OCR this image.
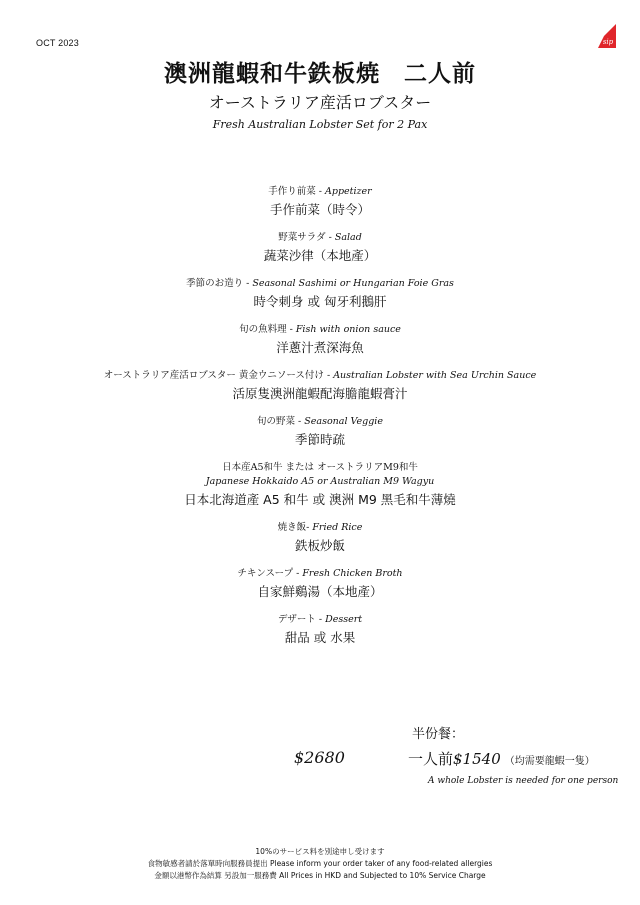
OCT 2023	sip
澳洲龍蝦和牛鉄板焼　二人前
オーストラリア産活ロブスター
Fresh Australian Lobster Set for 2 Pax
手作り前菜 - Appetizer
手作前菜（時令）
野菜サラダ - Salad
蔬菜沙律（本地產）
季節のお造り - Seasonal Sashimi or Hungarian Foie Gras
時令刺身 或 匈牙利鵝肝
旬の魚料理 - Fish with onion sauce
洋蔥汁煮深海魚
オーストラリア産活ロブスター 黄金ウニソース付け - Australian Lobster with Sea Urchin Sauce
活原隻澳洲龍蝦配海膽龍蝦膏汁
旬の野菜 - Seasonal Veggie
季節時疏
日本産A5和牛 または オーストラリアM9和牛
Japanese Hokkaido A5 or Australian M9 Wagyu
日本北海道產 A5 和牛 或 澳洲 M9 黑毛和牛薄燒
焼き飯- Fried Rice
鉄板炒飯
チキンスープ - Fresh Chicken Broth
自家鮮鷄湯（本地產）
デザート - Dessert
甜品 或 水果
半份餐：
$2680	一人前$1540 （均需要龍蝦一隻）
A whole Lobster is needed for one person
10%のサービス料を別途申し受けます
食物敏感者請於落單時向服務員提出 Please inform your order taker of any food-related allergies
金額以港幣作為結算 另設加一服務費 All Prices in HKD and Subjected to 10% Service Charge
